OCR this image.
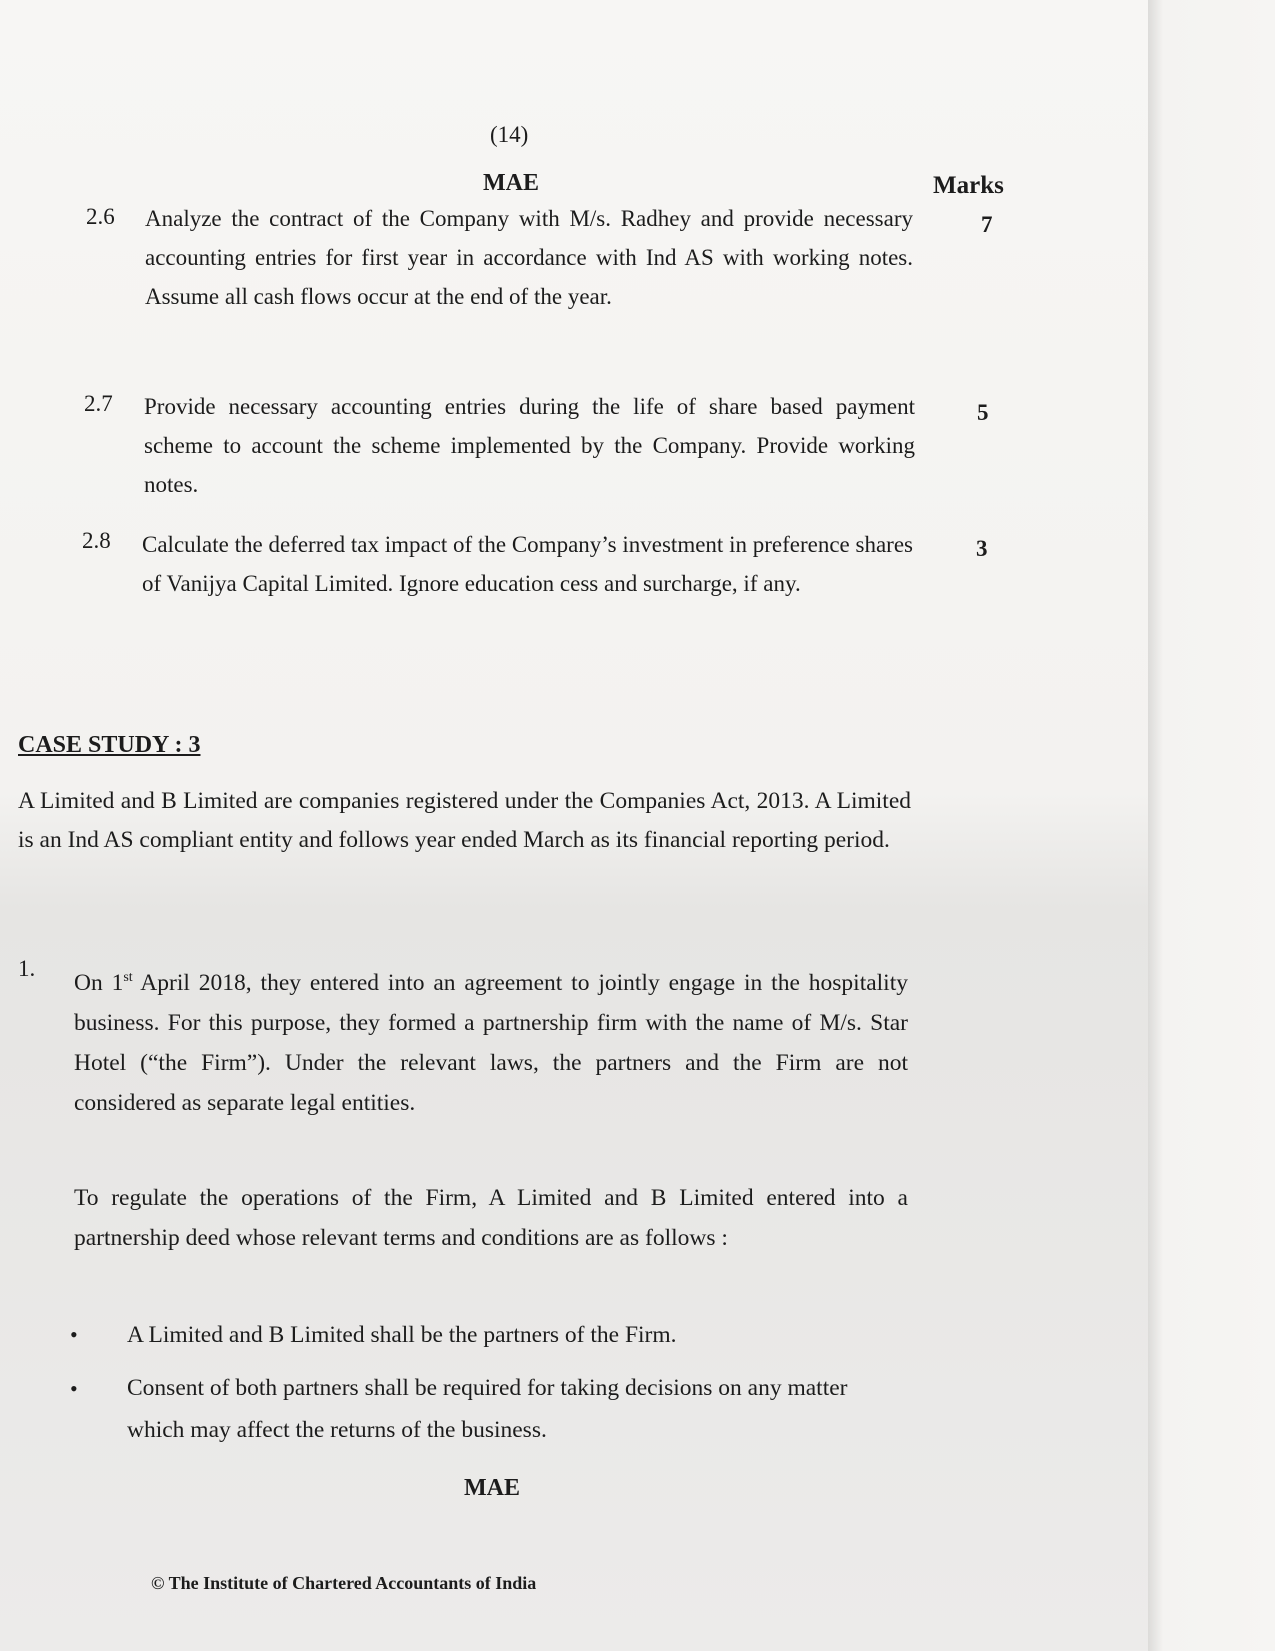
(14)
MAE	Marks
2.6 Analyze the contract of the Company with M/s. Radhey and provide necessary accounting entries for first year in accordance with Ind AS with working notes. Assume all cash flows occur at the end of the year.
7
2.7 Provide necessary accounting entries during the life of share based payment scheme to account the scheme implemented by the Company. Provide working notes.
5
2.8 Calculate the deferred tax impact of the Company’s investment in preference shares of Vanijya Capital Limited. Ignore education cess and surcharge, if any.
3
CASE STUDY : 3
A Limited and B Limited are companies registered under the Companies Act, 2013. A Limited is an Ind AS compliant entity and follows year ended March as its financial reporting period.
1.
On 1st April 2018, they entered into an agreement to jointly engage in the hospitality business. For this purpose, they formed a partnership firm with the name of M/s. Star Hotel (“the Firm”). Under the relevant laws, the partners and the Firm are not considered as separate legal entities.
To regulate the operations of the Firm, A Limited and B Limited entered into a partnership deed whose relevant terms and conditions are as follows :
• A Limited and B Limited shall be the partners of the Firm.
• Consent of both partners shall be required for taking decisions on any matter which may affect the returns of the business.
MAE
© The Institute of Chartered Accountants of India
